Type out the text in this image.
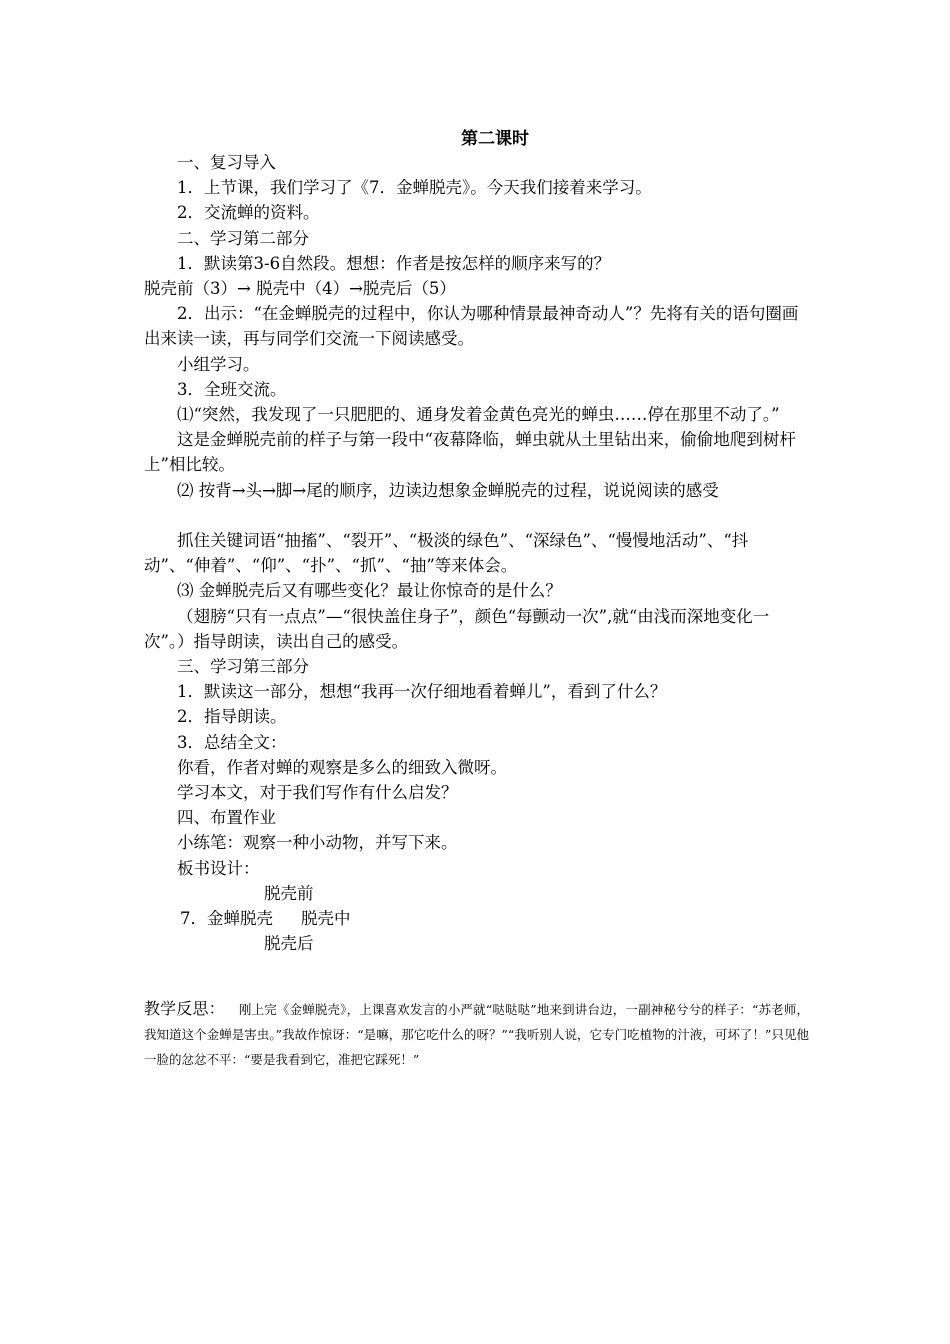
第二课时

一、复习导入

1．上节课，我们学习了《7．金蝉脱壳》。今天我们接着来学习。

2．交流蝉的资料。

二、学习第二部分

1．默读第3-6自然段。想想：作者是按怎样的顺序来写的？

脱壳前（3）→ 脱壳中（4）→脱壳后（5）

2．出示：“在金蝉脱壳的过程中，你认为哪种情景最神奇动人”？先将有关的语句圈画出来读一读，再与同学们交流一下阅读感受。

小组学习。

3．全班交流。

⑴“突然，我发现了一只肥肥的、通身发着金黄色亮光的蝉虫……停在那里不动了。”

这是金蝉脱壳前的样子与第一段中“夜幕降临，蝉虫就从土里钻出来，偷偷地爬到树杆上”相比较。

⑵ 按背→头→脚→尾的顺序，边读边想象金蝉脱壳的过程，说说阅读的感受

抓住关键词语“抽搐”、“裂开”、“极淡的绿色”、“深绿色”、“慢慢地活动”、“抖动”、“伸着”、“仰”、“扑”、“抓”、“抽”等来体会。

⑶ 金蝉脱壳后又有哪些变化？最让你惊奇的是什么？

（翅膀“只有一点点”—“很快盖住身子”，颜色“每颤动一次”,就“由浅而深地变化一次”。）指导朗读，读出自己的感受。

三、学习第三部分

1．默读这一部分，想想“我再一次仔细地看着蝉儿”，看到了什么？

2．指导朗读。

3．总结全文：

你看，作者对蝉的观察是多么的细致入微呀。

学习本文，对于我们写作有什么启发？

四、布置作业

小练笔：观察一种小动物，并写下来。

板书设计：

脱壳前
7．金蝉脱壳 脱壳中
脱壳后
教学反思： 刚上完《金蝉脱壳》，上课喜欢发言的小严就“哒哒哒”地来到讲台边，一副神秘兮兮的样子：“苏老师，我知道这个金蝉是害虫。”我故作惊讶：“是嘛，那它吃什么的呀？”“我听别人说，它专门吃植物的汁液，可坏了！”只见他一脸的忿忿不平：“要是我看到它，准把它踩死！”
